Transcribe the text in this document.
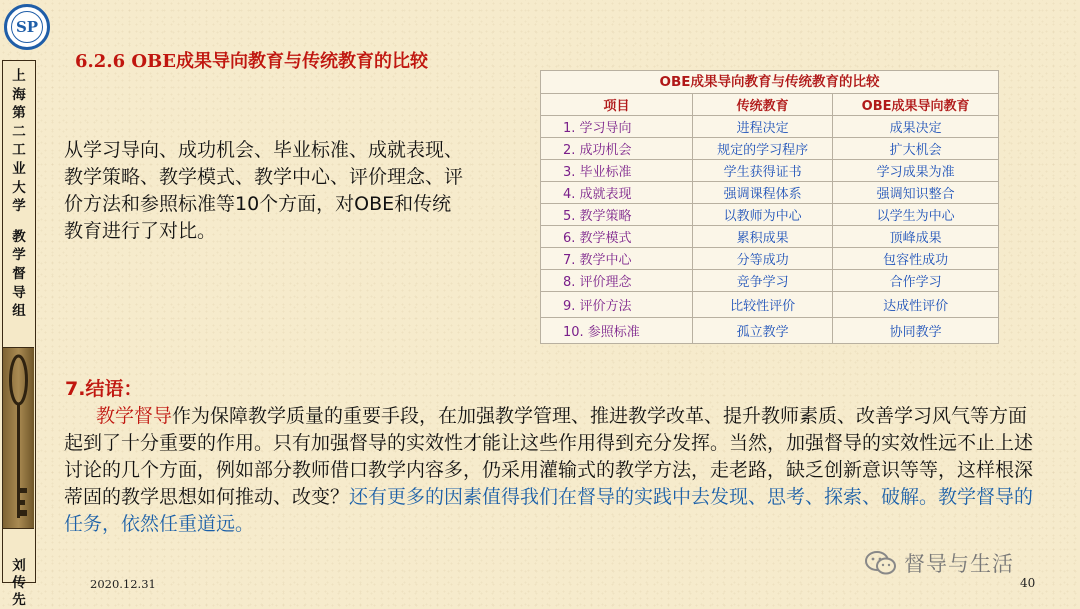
SP
上
海
第
二
工
业
大
学
教
学
督
导
组
刘
传
先
6.2.6 OBE成果导向教育与传统教育的比较
从学习导向、成功机会、毕业标准、成就表现、教学策略、教学模式、教学中心、评价理念、评价方法和参照标准等10个方面，对OBE和传统教育进行了对比。
OBE成果导向教育与传统教育的比较
项目	传统教育	OBE成果导向教育
1. 学习导向	进程决定	成果决定
2. 成功机会	规定的学习程序	扩大机会
3. 毕业标准	学生获得证书	学习成果为准
4. 成就表现	强调课程体系	强调知识整合
5. 教学策略	以教师为中心	以学生为中心
6. 教学模式	累积成果	顶峰成果
7. 教学中心	分等成功	包容性成功
8. 评价理念	竞争学习	合作学习
9. 评价方法	比较性评价	达成性评价
10. 参照标准	孤立教学	协同教学
7.结语：
教学督导作为保障教学质量的重要手段，在加强教学管理、推进教学改革、提升教师素质、改善学习风气等方面起到了十分重要的作用。只有加强督导的实效性才能让这些作用得到充分发挥。当然，加强督导的实效性远不止上述讨论的几个方面，例如部分教师借口教学内容多，仍采用灌输式的教学方法，走老路，缺乏创新意识等等，这样根深蒂固的教学思想如何推动、改变？还有更多的因素值得我们在督导的实践中去发现、思考、探索、破解。教学督导的任务，依然任重道远。
2020.12.31	40
督导与生活
